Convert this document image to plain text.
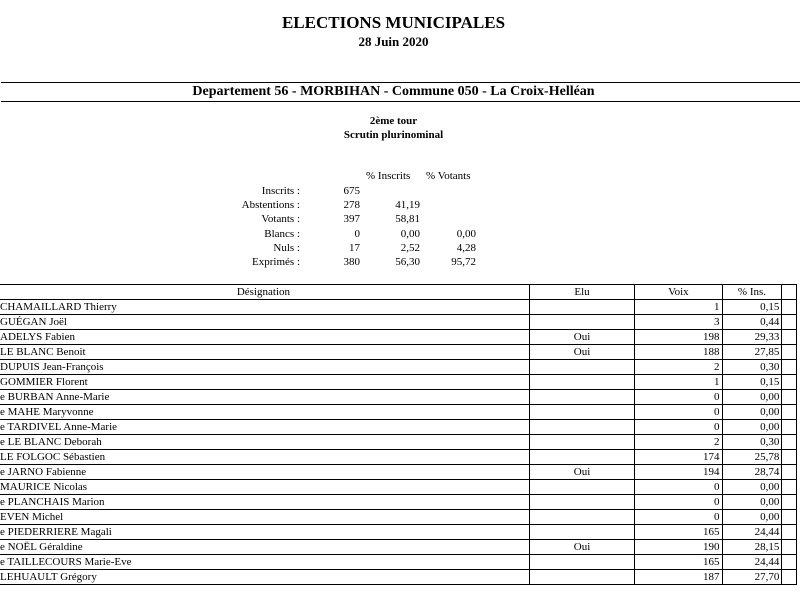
ELECTIONS MUNICIPALES
28 Juin 2020
Departement 56 - MORBIHAN - Commune 050 - La Croix-Helléan
2ème tour
Scrutin plurinominal
% Inscrits % Votants
Inscrits :	675
Abstentions :	278	41,19
Votants :	397	58,81
Blancs :	0	0,00	0,00
Nuls :	17	2,52	4,28
Exprimés :	380	56,30	95,72
Désignation	Elu	Voix	% Ins.	
CHAMAILLARD Thierry		1	0,15	
GUÉGAN Joël		3	0,44	
ADELYS Fabien	Oui	198	29,33	
LE BLANC Benoit	Oui	188	27,85	
DUPUIS Jean-François		2	0,30	
GOMMIER Florent		1	0,15	
e BURBAN Anne-Marie		0	0,00	
e MAHE Maryvonne		0	0,00	
e TARDIVEL Anne-Marie		0	0,00	
e LE BLANC Deborah		2	0,30	
LE FOLGOC Sébastien		174	25,78	
e JARNO Fabienne	Oui	194	28,74	
MAURICE Nicolas		0	0,00	
e PLANCHAIS Marion		0	0,00	
EVEN Michel		0	0,00	
e PIEDERRIERE Magali		165	24,44	
e NOËL Géraldine	Oui	190	28,15	
e TAILLECOURS Marie-Eve		165	24,44	
LEHUAULT Grégory		187	27,70	
